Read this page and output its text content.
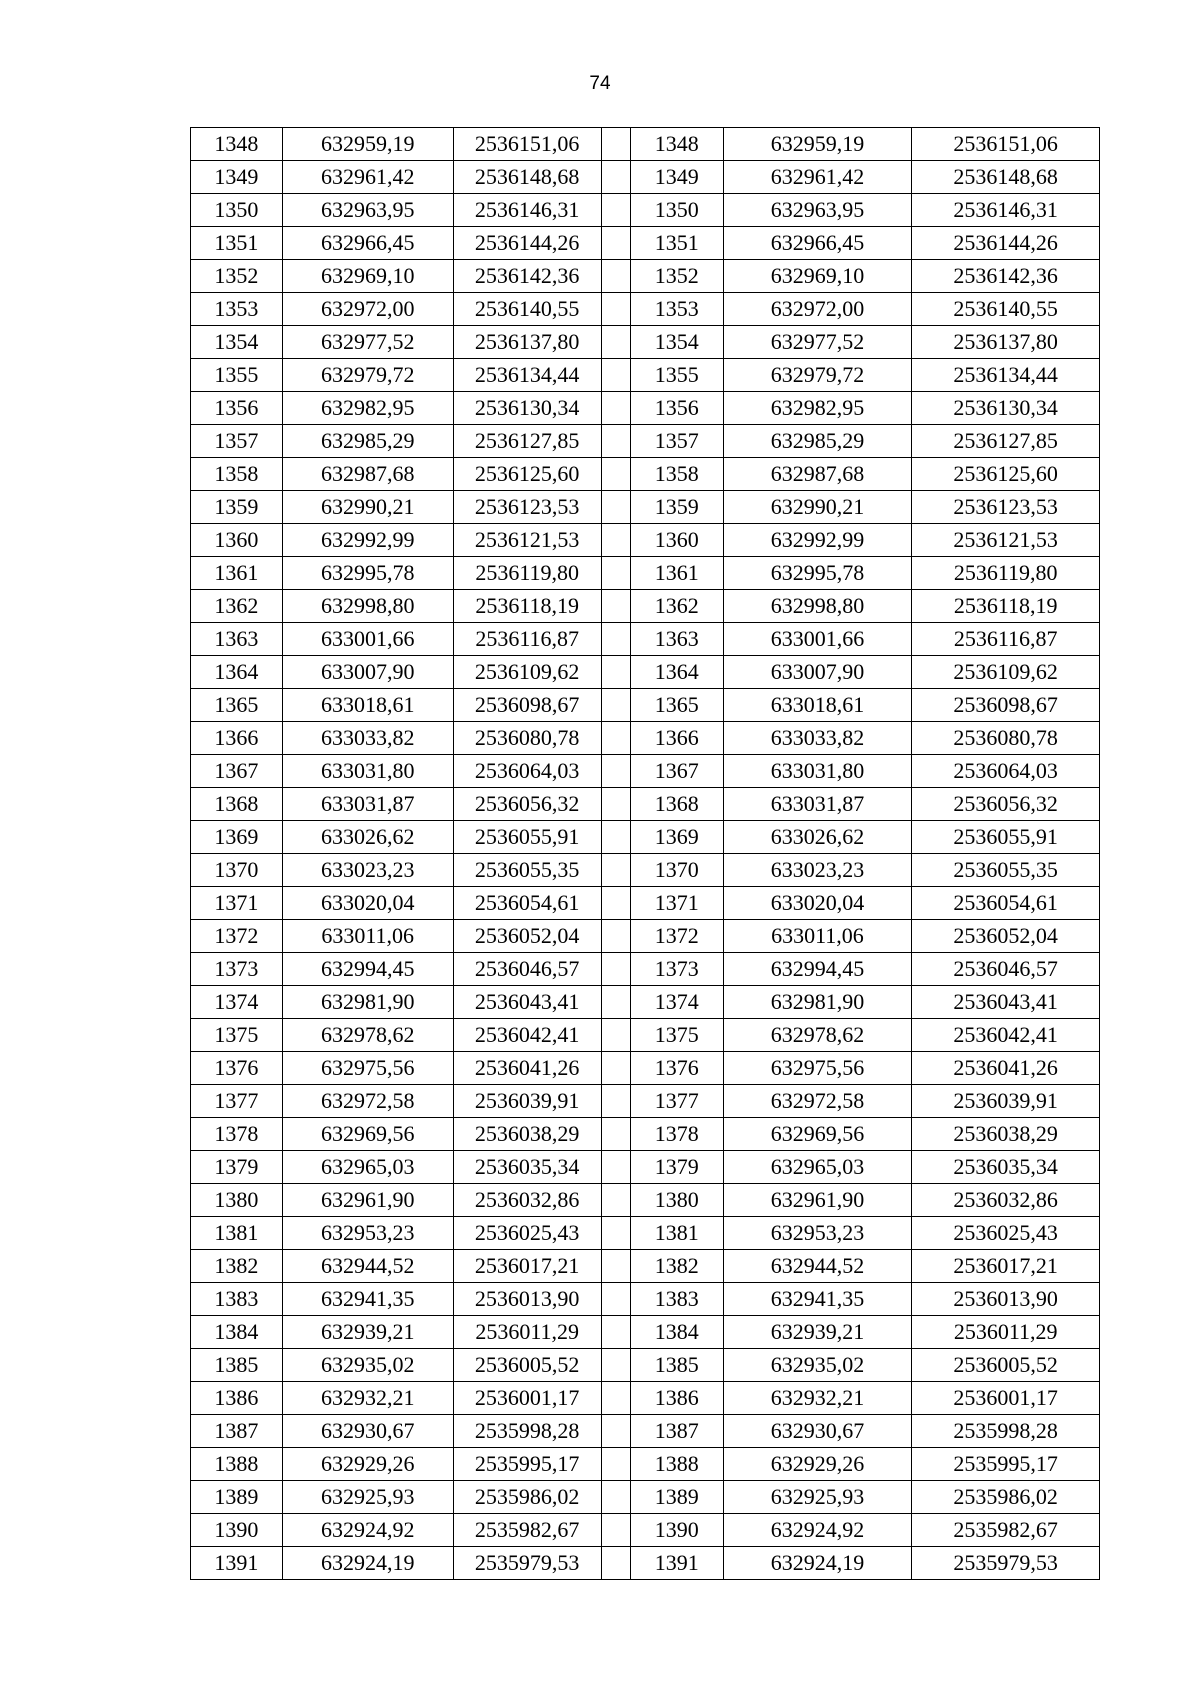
74
1348	632959,19	2536151,06		1348	632959,19	2536151,06
1349	632961,42	2536148,68		1349	632961,42	2536148,68
1350	632963,95	2536146,31		1350	632963,95	2536146,31
1351	632966,45	2536144,26		1351	632966,45	2536144,26
1352	632969,10	2536142,36		1352	632969,10	2536142,36
1353	632972,00	2536140,55		1353	632972,00	2536140,55
1354	632977,52	2536137,80		1354	632977,52	2536137,80
1355	632979,72	2536134,44		1355	632979,72	2536134,44
1356	632982,95	2536130,34		1356	632982,95	2536130,34
1357	632985,29	2536127,85		1357	632985,29	2536127,85
1358	632987,68	2536125,60		1358	632987,68	2536125,60
1359	632990,21	2536123,53		1359	632990,21	2536123,53
1360	632992,99	2536121,53		1360	632992,99	2536121,53
1361	632995,78	2536119,80		1361	632995,78	2536119,80
1362	632998,80	2536118,19		1362	632998,80	2536118,19
1363	633001,66	2536116,87		1363	633001,66	2536116,87
1364	633007,90	2536109,62		1364	633007,90	2536109,62
1365	633018,61	2536098,67		1365	633018,61	2536098,67
1366	633033,82	2536080,78		1366	633033,82	2536080,78
1367	633031,80	2536064,03		1367	633031,80	2536064,03
1368	633031,87	2536056,32		1368	633031,87	2536056,32
1369	633026,62	2536055,91		1369	633026,62	2536055,91
1370	633023,23	2536055,35		1370	633023,23	2536055,35
1371	633020,04	2536054,61		1371	633020,04	2536054,61
1372	633011,06	2536052,04		1372	633011,06	2536052,04
1373	632994,45	2536046,57		1373	632994,45	2536046,57
1374	632981,90	2536043,41		1374	632981,90	2536043,41
1375	632978,62	2536042,41		1375	632978,62	2536042,41
1376	632975,56	2536041,26		1376	632975,56	2536041,26
1377	632972,58	2536039,91		1377	632972,58	2536039,91
1378	632969,56	2536038,29		1378	632969,56	2536038,29
1379	632965,03	2536035,34		1379	632965,03	2536035,34
1380	632961,90	2536032,86		1380	632961,90	2536032,86
1381	632953,23	2536025,43		1381	632953,23	2536025,43
1382	632944,52	2536017,21		1382	632944,52	2536017,21
1383	632941,35	2536013,90		1383	632941,35	2536013,90
1384	632939,21	2536011,29		1384	632939,21	2536011,29
1385	632935,02	2536005,52		1385	632935,02	2536005,52
1386	632932,21	2536001,17		1386	632932,21	2536001,17
1387	632930,67	2535998,28		1387	632930,67	2535998,28
1388	632929,26	2535995,17		1388	632929,26	2535995,17
1389	632925,93	2535986,02		1389	632925,93	2535986,02
1390	632924,92	2535982,67		1390	632924,92	2535982,67
1391	632924,19	2535979,53		1391	632924,19	2535979,53
